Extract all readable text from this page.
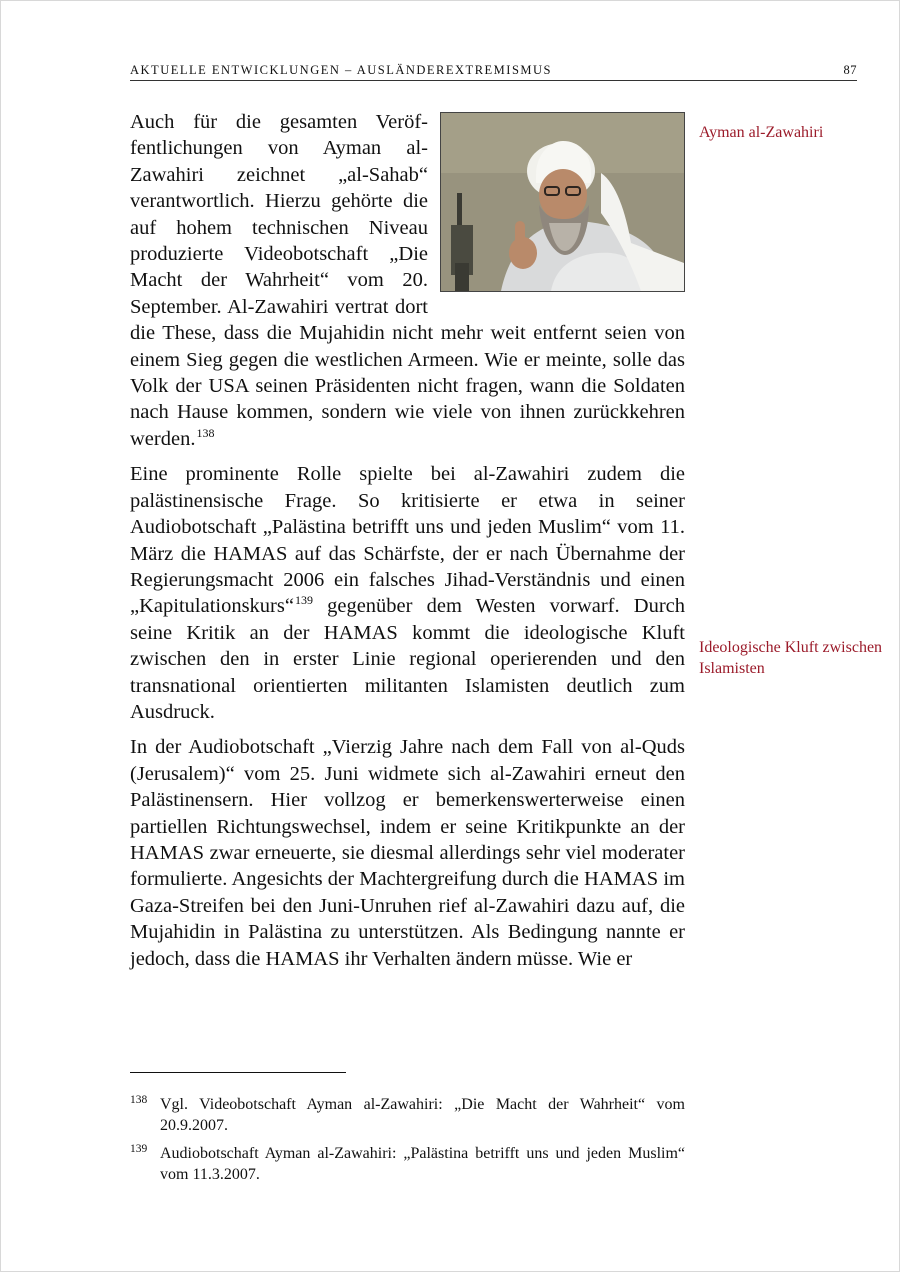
AKTUELLE ENTWICKLUNGEN – AUSLÄNDEREXTREMISMUS	87

Auch für die gesamten Veröffentlichungen von Ayman al-Zawahiri zeichnet „al-Sahab“ verantwortlich. Hierzu gehörte die auf hohem technischen Niveau produzierte Videobotschaft „Die Macht der Wahrheit“ vom 20. September. Al-Zawahiri vertrat dort die These, dass die Mujahidin nicht mehr weit entfernt seien von einem Sieg gegen die westlichen Armeen. Wie er meinte, solle das Volk der USA seinen Präsidenten nicht fragen, wann die Soldaten nach Hause kommen, sondern wie viele von ihnen zurückkehren werden.$^{138}$

Eine prominente Rolle spielte bei al-Zawahiri zudem die palästinensische Frage. So kritisierte er etwa in seiner Audiobotschaft „Palästina betrifft uns und jeden Muslim“ vom 11. März die HAMAS auf das Schärfste, der er nach Übernahme der Regierungsmacht 2006 ein falsches Jihad-Verständnis und einen „Kapitulationskurs“$^{139}$ gegenüber dem Westen vorwarf. Durch seine Kritik an der HAMAS kommt die ideologische Kluft zwischen den in erster Linie regional operierenden und den transnational orientierten militanten Islamisten deutlich zum Ausdruck.

In der Audiobotschaft „Vierzig Jahre nach dem Fall von al-Quds (Jerusalem)“ vom 25. Juni widmete sich al-Zawahiri erneut den Palästinensern. Hier vollzog er bemerkenswerterweise einen partiellen Richtungswechsel, indem er seine Kritikpunkte an der HAMAS zwar erneuerte, sie diesmal allerdings sehr viel moderater formulierte. Angesichts der Machtergreifung durch die HAMAS im Gaza-Streifen bei den Juni-Unruhen rief al-Zawahiri dazu auf, die Mujahidin in Palästina zu unterstützen. Als Bedingung nannte er jedoch, dass die HAMAS ihr Verhalten ändern müsse. Wie er

Ayman al-Zawahiri
Ideologische Kluft zwischen Islamisten
138 Vgl. Videobotschaft Ayman al-Zawahiri: „Die Macht der Wahrheit“ vom 20.9.2007.
139 Audiobotschaft Ayman al-Zawahiri: „Palästina betrifft uns und jeden Muslim“ vom 11.3.2007.
